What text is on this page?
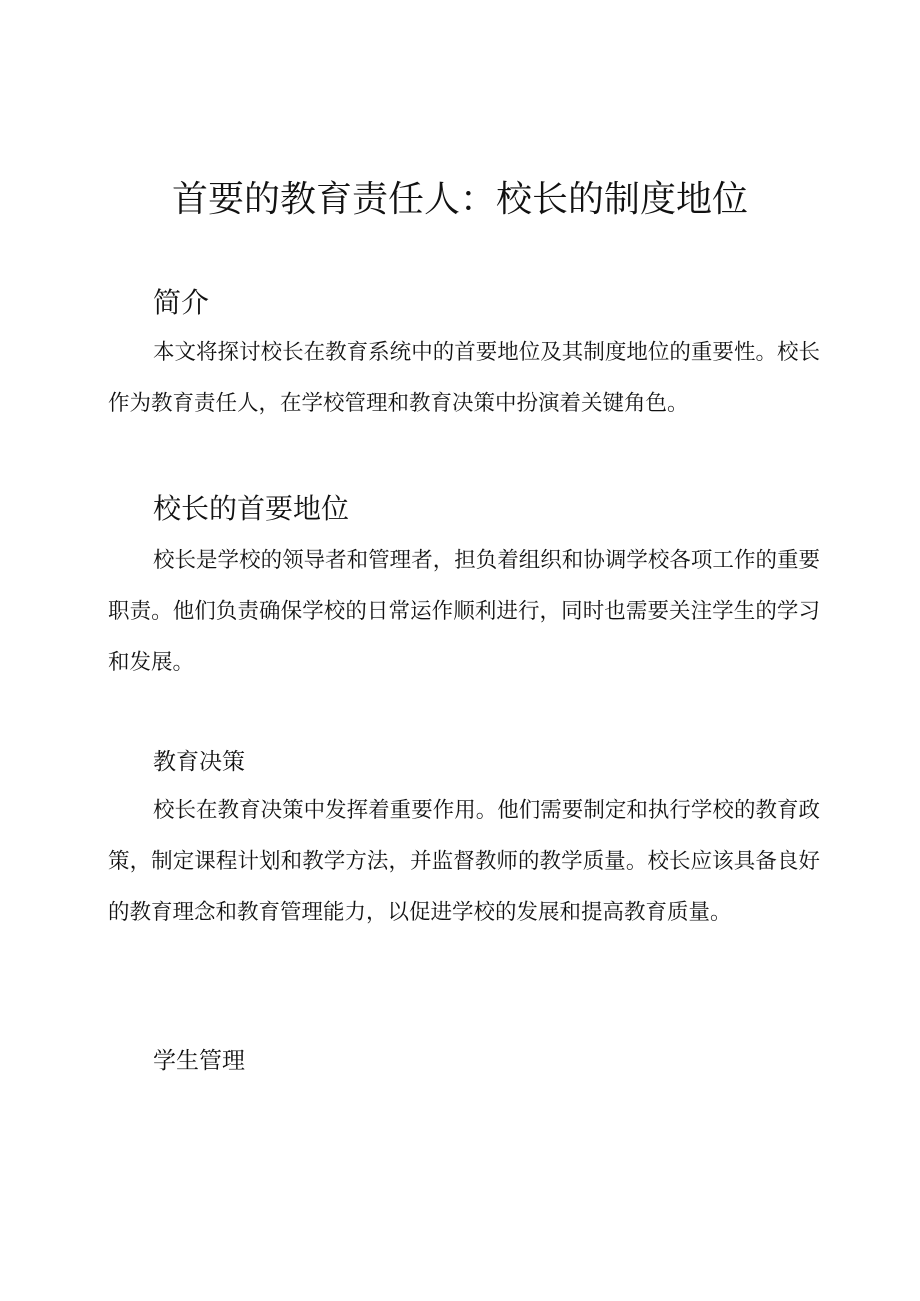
首要的教育责任人：校长的制度地位
简介

本文将探讨校长在教育系统中的首要地位及其制度地位的重要性。校长作为教育责任人，在学校管理和教育决策中扮演着关键角色。

校长的首要地位

校长是学校的领导者和管理者，担负着组织和协调学校各项工作的重要职责。他们负责确保学校的日常运作顺利进行，同时也需要关注学生的学习和发展。

教育决策

校长在教育决策中发挥着重要作用。他们需要制定和执行学校的教育政策，制定课程计划和教学方法，并监督教师的教学质量。校长应该具备良好的教育理念和教育管理能力，以促进学校的发展和提高教育质量。

学生管理
